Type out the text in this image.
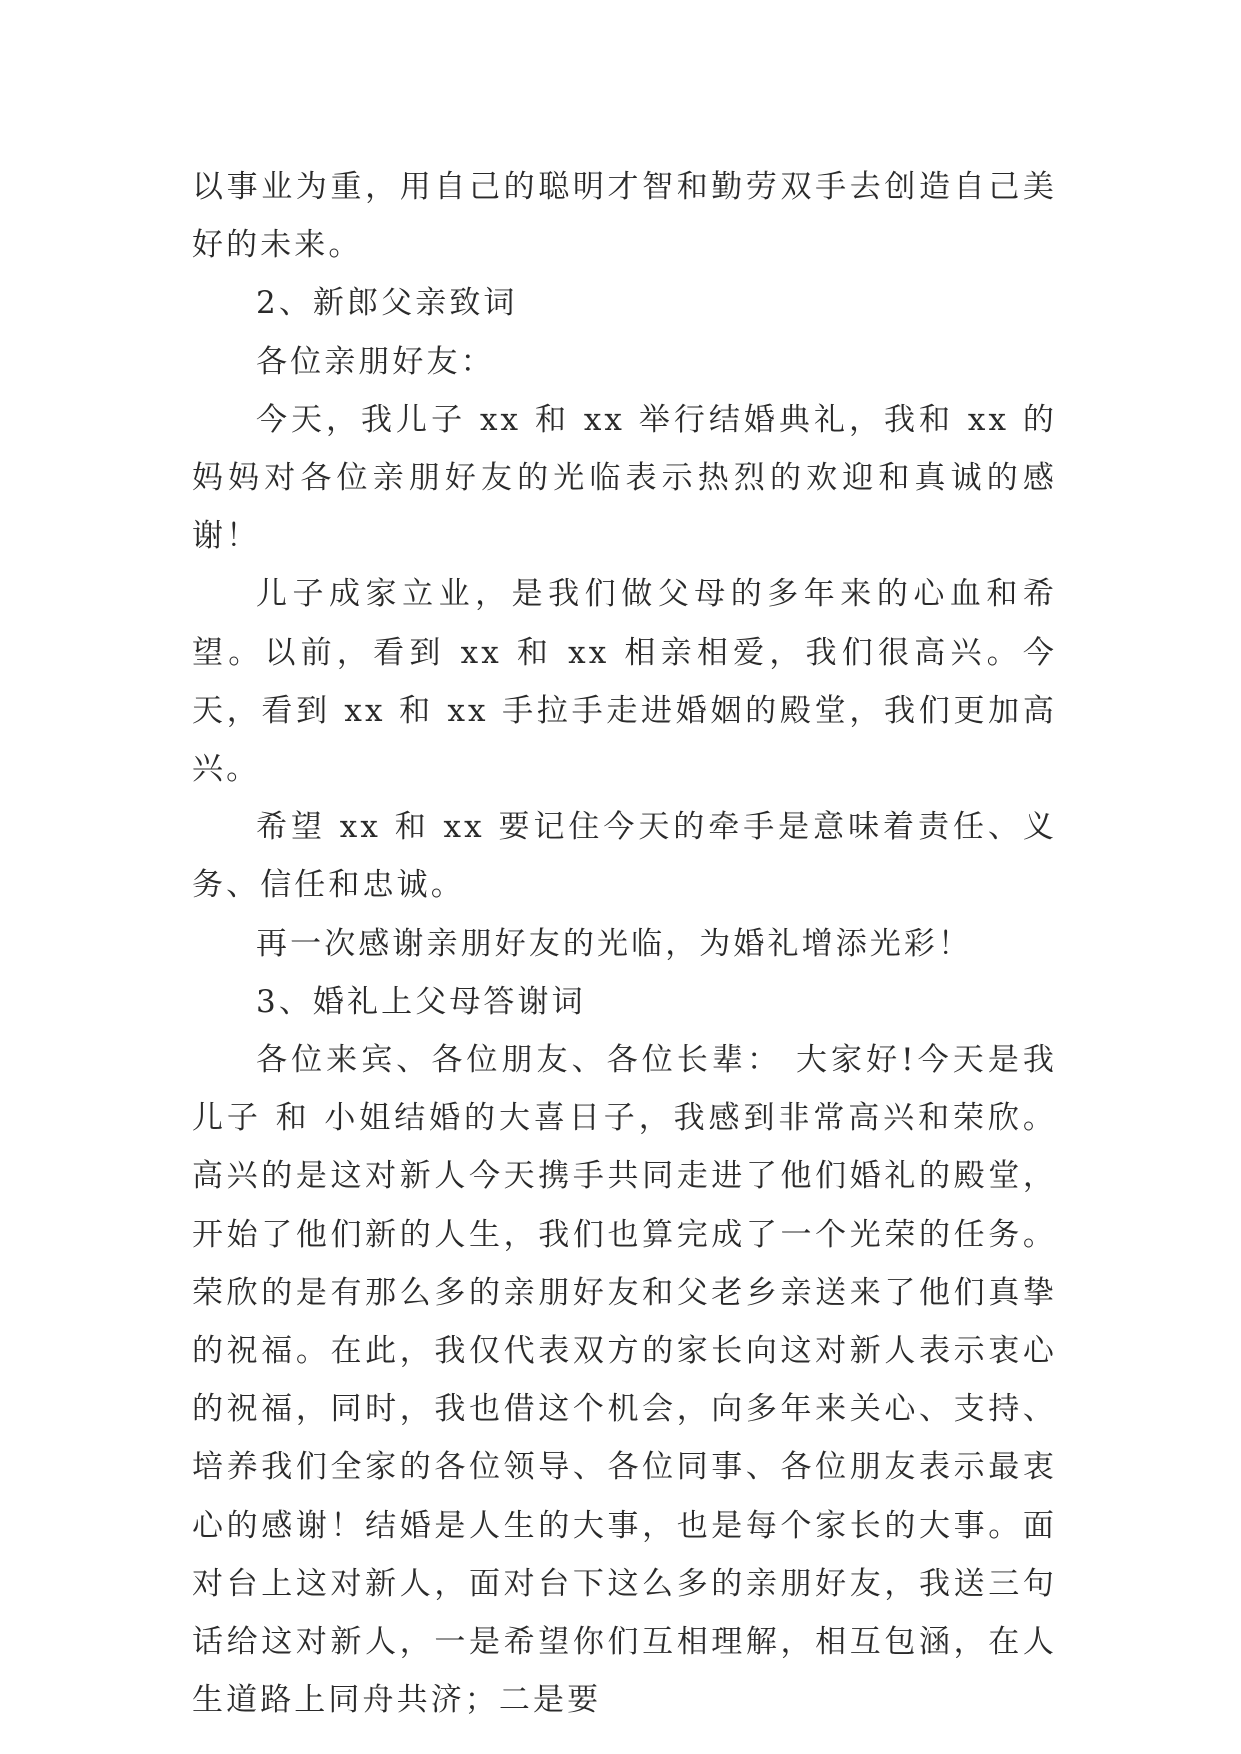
以事业为重，用自己的聪明才智和勤劳双手去创造自己美好的未来。

2、新郎父亲致词

各位亲朋好友：

今天，我儿子 xx 和 xx 举行结婚典礼，我和 xx 的妈妈对各位亲朋好友的光临表示热烈的欢迎和真诚的感谢！

儿子成家立业，是我们做父母的多年来的心血和希望。以前，看到 xx 和 xx 相亲相爱，我们很高兴。今天，看到 xx 和 xx 手拉手走进婚姻的殿堂，我们更加高兴。

希望 xx 和 xx 要记住今天的牵手是意味着责任、义务、信任和忠诚。

再一次感谢亲朋好友的光临，为婚礼增添光彩！

3、婚礼上父母答谢词

各位来宾、各位朋友、各位长辈： 大家好!今天是我儿子 和 小姐结婚的大喜日子，我感到非常高兴和荣欣。高兴的是这对新人今天携手共同走进了他们婚礼的殿堂，开始了他们新的人生，我们也算完成了一个光荣的任务。荣欣的是有那么多的亲朋好友和父老乡亲送来了他们真挚的祝福。在此，我仅代表双方的家长向这对新人表示衷心的祝福，同时，我也借这个机会，向多年来关心、支持、培养我们全家的各位领导、各位同事、各位朋友表示最衷心的感谢！结婚是人生的大事，也是每个家长的大事。面对台上这对新人，面对台下这么多的亲朋好友，我送三句话给这对新人，一是希望你们互相理解，相互包涵，在人生道路上同舟共济；二是要
